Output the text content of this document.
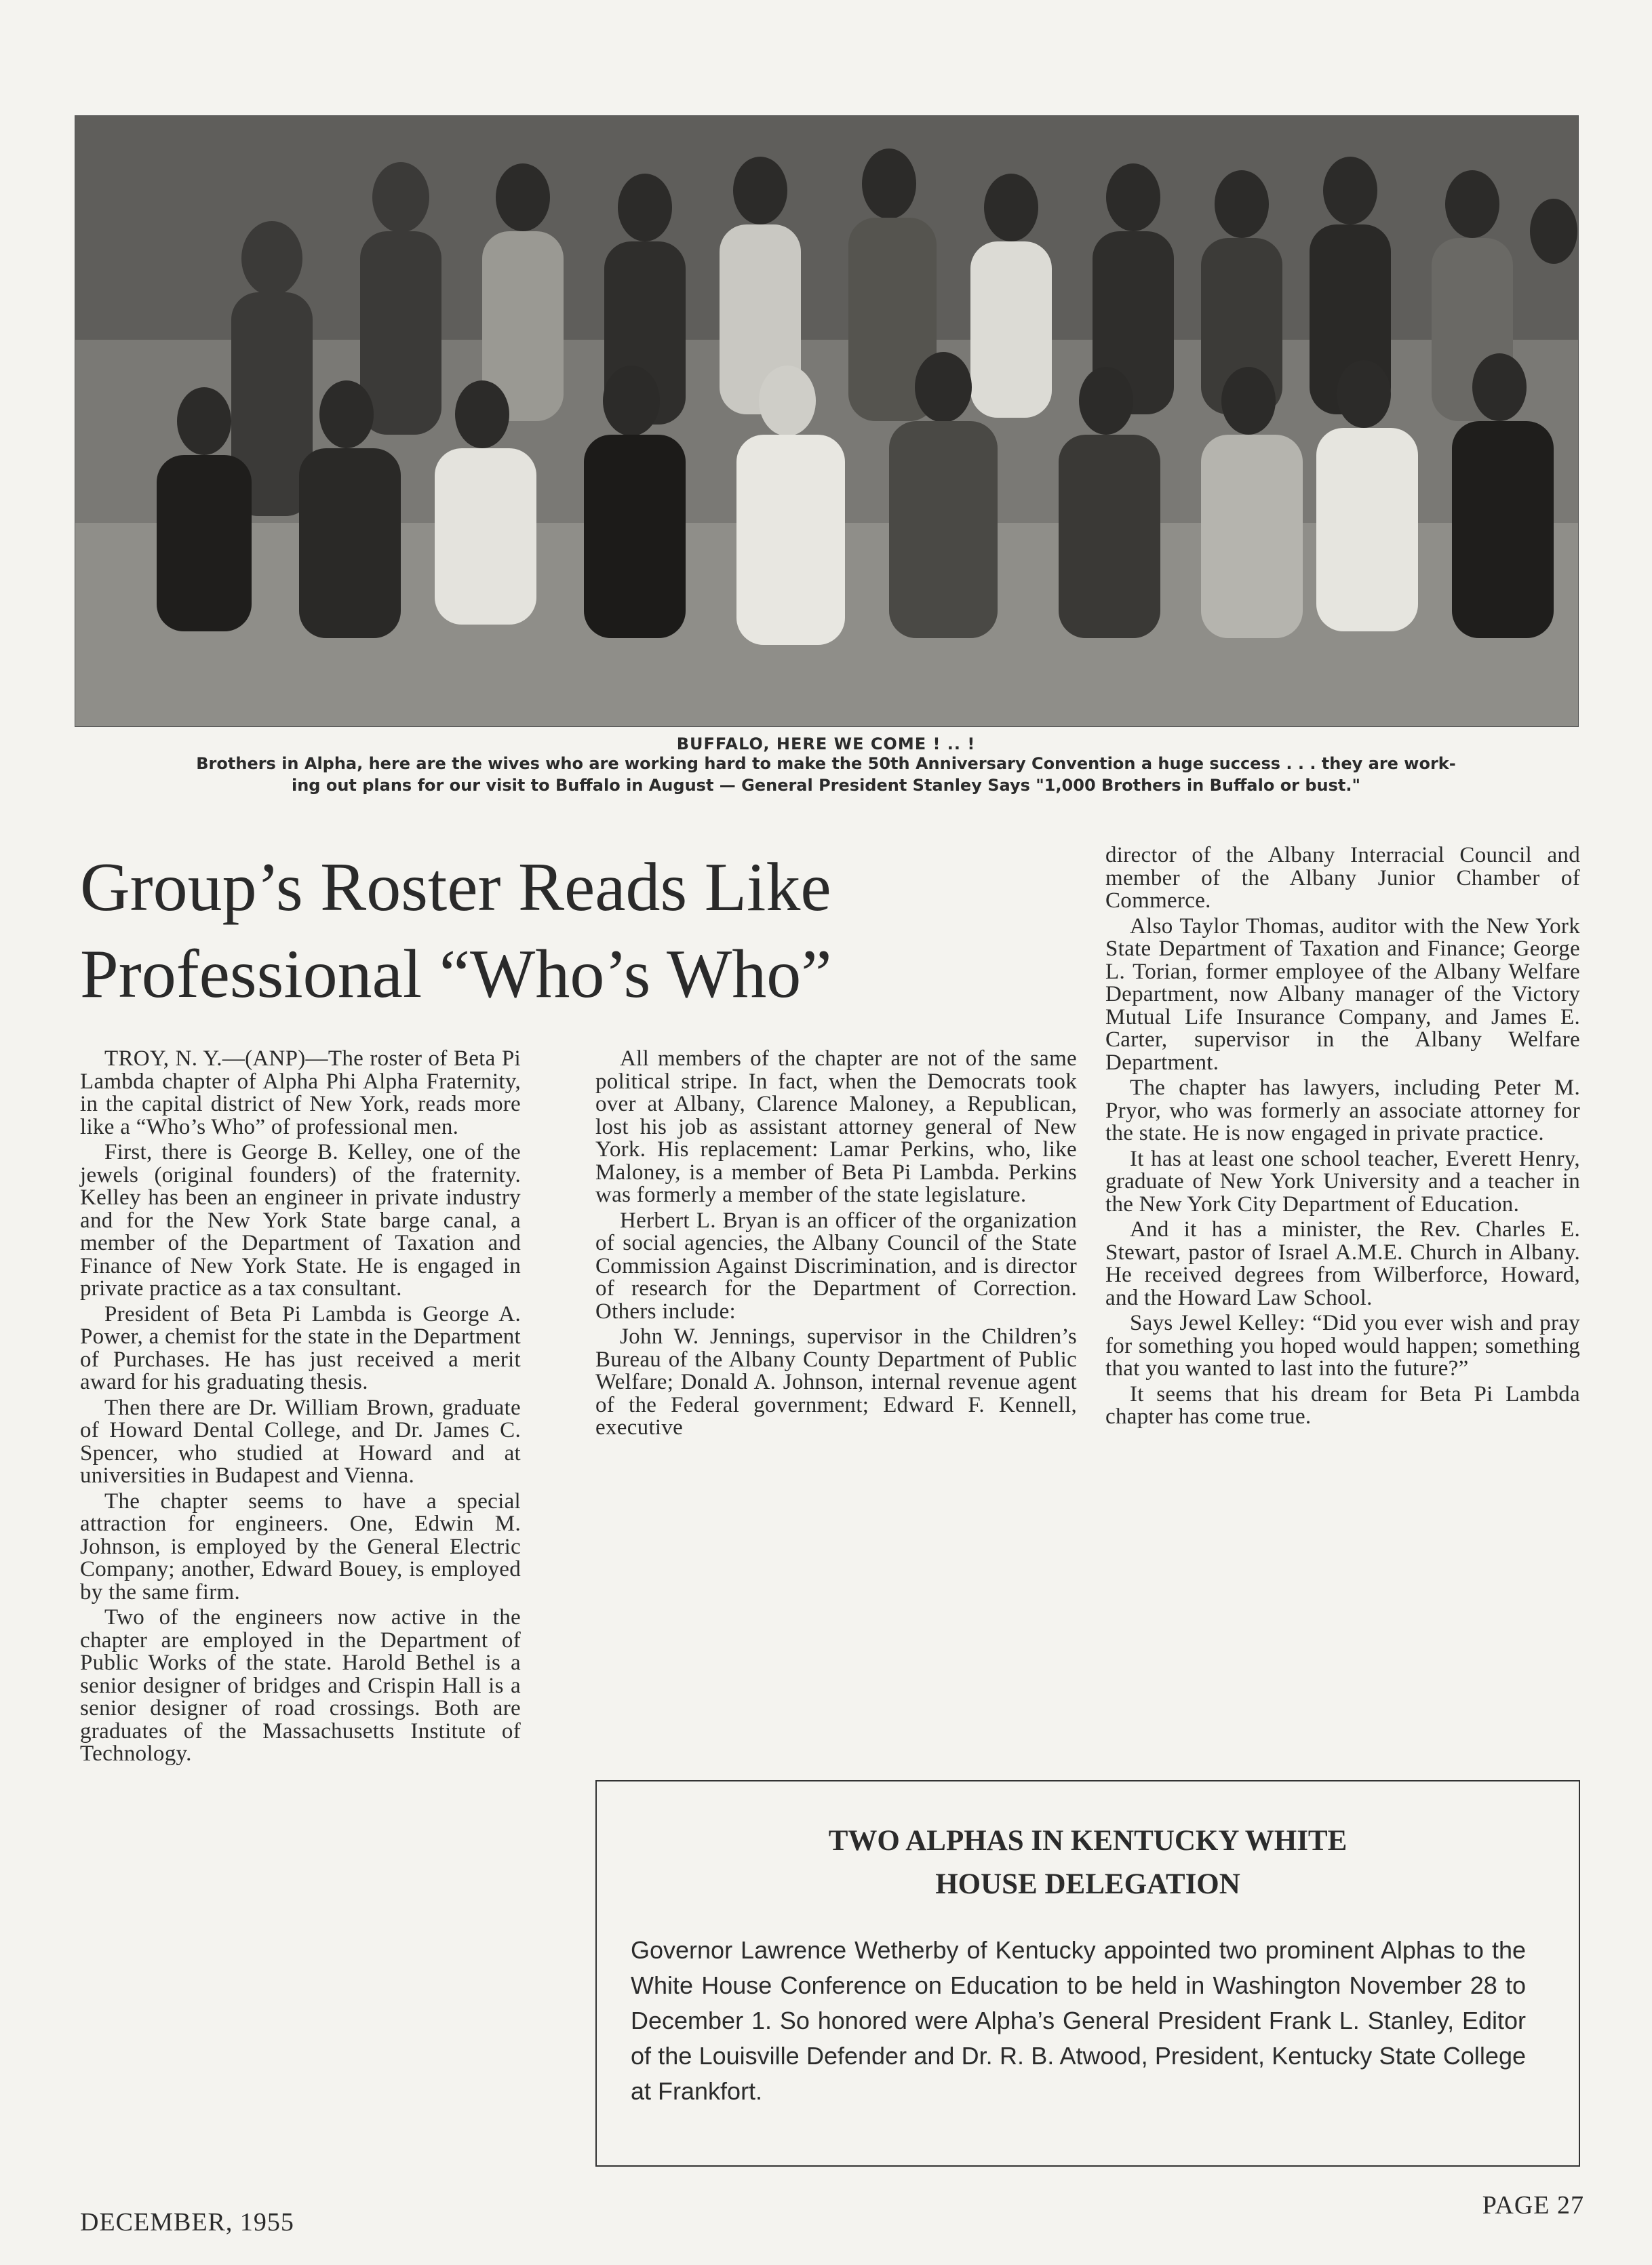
BUFFALO, HERE WE COME ! .. !
Brothers in Alpha, here are the wives who are working hard to make the 50th Anniversary Convention a huge success . . . they are work-
ing out plans for our visit to Buffalo in August — General President Stanley Says "1,000 Brothers in Buffalo or bust."
Group’s Roster Reads Like
Professional “Who’s Who”

TROY, N. Y.—(ANP)—The roster of Beta Pi Lambda chapter of Alpha Phi Alpha Fraternity, in the capital district of New York, reads more like a “Who’s Who” of professional men.

First, there is George B. Kelley, one of the jewels (original founders) of the fraternity. Kelley has been an engineer in private industry and for the New York State barge canal, a member of the Department of Taxation and Finance of New York State. He is engaged in private practice as a tax consultant.

President of Beta Pi Lambda is George A. Power, a chemist for the state in the Department of Purchases. He has just received a merit award for his graduating thesis.

Then there are Dr. William Brown, graduate of Howard Dental College, and Dr. James C. Spencer, who studied at Howard and at universities in Budapest and Vienna.

The chapter seems to have a special attraction for engineers. One, Edwin M. Johnson, is employed by the General Electric Company; another, Edward Bouey, is employed by the same firm.

Two of the engineers now active in the chapter are employed in the Department of Public Works of the state. Harold Bethel is a senior designer of bridges and Crispin Hall is a senior designer of road crossings. Both are graduates of the Massachusetts Institute of Technology.

All members of the chapter are not of the same political stripe. In fact, when the Democrats took over at Albany, Clarence Maloney, a Republican, lost his job as assistant attorney general of New York. His replacement: Lamar Perkins, who, like Maloney, is a member of Beta Pi Lambda. Perkins was formerly a member of the state legislature.

Herbert L. Bryan is an officer of the organization of social agencies, the Albany Council of the State Commission Against Discrimination, and is director of research for the Department of Correction. Others include:

John W. Jennings, supervisor in the Children’s Bureau of the Albany County Department of Public Welfare; Donald A. Johnson, internal revenue agent of the Federal government; Edward F. Kennell, executive

director of the Albany Interracial Council and member of the Albany Junior Chamber of Commerce.

Also Taylor Thomas, auditor with the New York State Department of Taxation and Finance; George L. Torian, former employee of the Albany Welfare Department, now Albany manager of the Victory Mutual Life Insurance Company, and James E. Carter, supervisor in the Albany Welfare Department.

The chapter has lawyers, including Peter M. Pryor, who was formerly an associate attorney for the state. He is now engaged in private practice.

It has at least one school teacher, Everett Henry, graduate of New York University and a teacher in the New York City Department of Education.

And it has a minister, the Rev. Charles E. Stewart, pastor of Israel A.M.E. Church in Albany. He received degrees from Wilberforce, Howard, and the Howard Law School.

Says Jewel Kelley: “Did you ever wish and pray for something you hoped would happen; something that you wanted to last into the future?”

It seems that his dream for Beta Pi Lambda chapter has come true.

TWO ALPHAS IN KENTUCKY WHITE
HOUSE DELEGATION
Governor Lawrence Wetherby of Kentucky appointed two prominent Alphas to the White House Conference on Education to be held in Washington November 28 to December 1. So honored were Alpha’s General President Frank L. Stanley, Editor of the Louisville Defender and Dr. R. B. Atwood, President, Kentucky State College at Frankfort.
DECEMBER, 1955
PAGE 27
